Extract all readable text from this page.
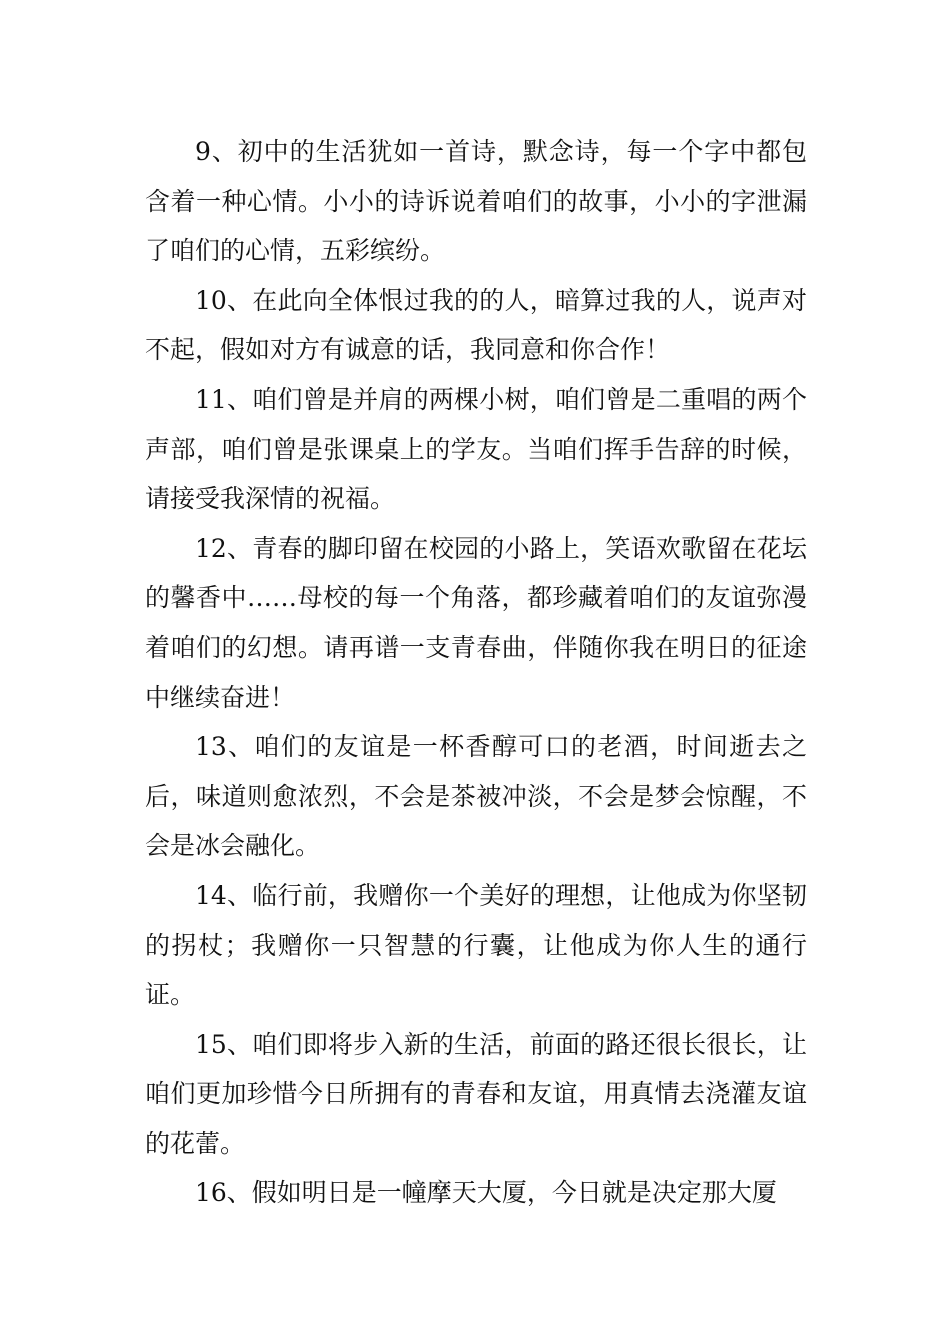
9、初中的生活犹如一首诗，默念诗，每一个字中都包含着一种心情。小小的诗诉说着咱们的故事，小小的字泄漏了咱们的心情，五彩缤纷。

10、在此向全体恨过我的的人，暗算过我的人，说声对不起，假如对方有诚意的话，我同意和你合作！

11、咱们曾是并肩的两棵小树，咱们曾是二重唱的两个声部，咱们曾是张课桌上的学友。当咱们挥手告辞的时候，请接受我深情的祝福。

12、青春的脚印留在校园的小路上，笑语欢歌留在花坛的馨香中……母校的每一个角落，都珍藏着咱们的友谊弥漫着咱们的幻想。请再谱一支青春曲，伴随你我在明日的征途中继续奋进！

13、咱们的友谊是一杯香醇可口的老酒，时间逝去之后，味道则愈浓烈，不会是茶被冲淡，不会是梦会惊醒，不会是冰会融化。

14、临行前，我赠你一个美好的理想，让他成为你坚韧的拐杖；我赠你一只智慧的行囊，让他成为你人生的通行证。

15、咱们即将步入新的生活，前面的路还很长很长，让咱们更加珍惜今日所拥有的青春和友谊，用真情去浇灌友谊的花蕾。

16、假如明日是一幢摩天大厦，今日就是决定那大厦
